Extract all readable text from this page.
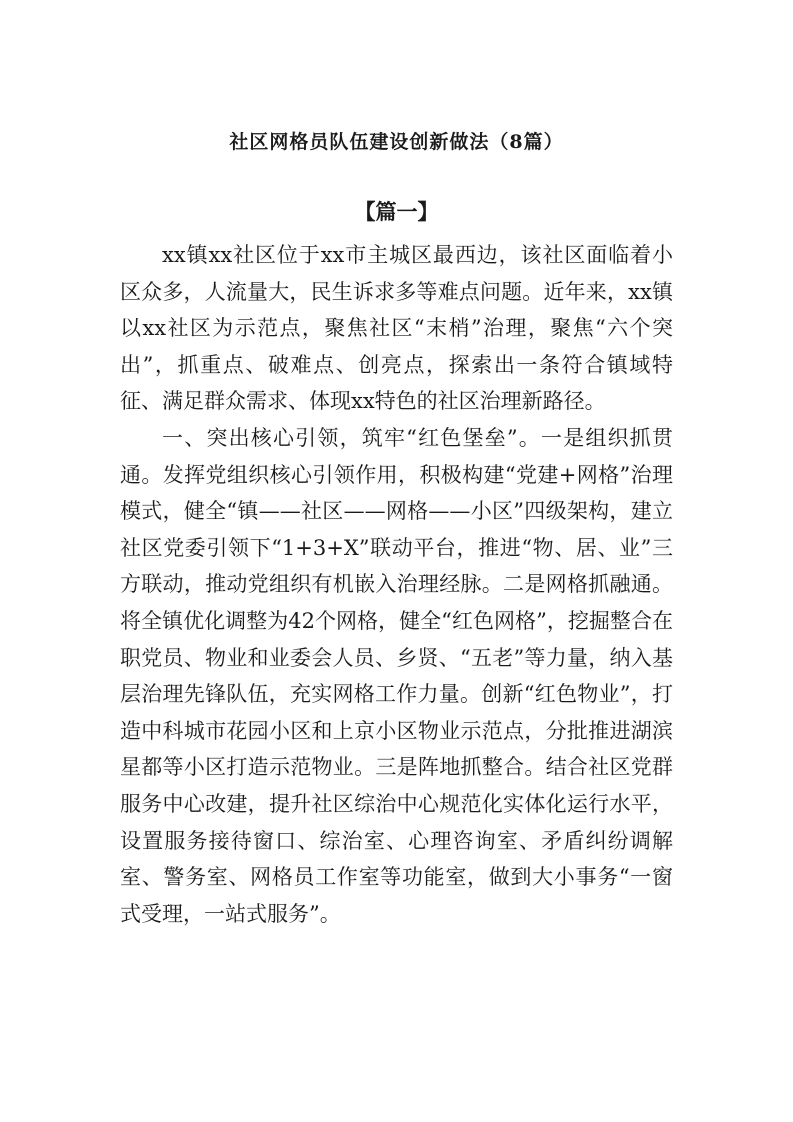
社区网格员队伍建设创新做法（8篇）
【篇一】

xx镇xx社区位于xx市主城区最西边，该社区面临着小区众多，人流量大，民生诉求多等难点问题。近年来，xx镇以xx社区为示范点，聚焦社区“末梢”治理，聚焦“六个突出”，抓重点、破难点、创亮点，探索出一条符合镇域特征、满足群众需求、体现xx特色的社区治理新路径。

一、突出核心引领，筑牢“红色堡垒”。一是组织抓贯通。发挥党组织核心引领作用，积极构建“党建+网格”治理模式，健全“镇——社区——网格——小区”四级架构，建立社区党委引领下“1+3+X”联动平台，推进“物、居、业”三方联动，推动党组织有机嵌入治理经脉。二是网格抓融通。将全镇优化调整为42个网格，健全“红色网格”，挖掘整合在职党员、物业和业委会人员、乡贤、“五老”等力量，纳入基层治理先锋队伍，充实网格工作力量。创新“红色物业”，打造中科城市花园小区和上京小区物业示范点，分批推进湖滨星都等小区打造示范物业。三是阵地抓整合。结合社区党群服务中心改建，提升社区综治中心规范化实体化运行水平，设置服务接待窗口、综治室、心理咨询室、矛盾纠纷调解室、警务室、网格员工作室等功能室，做到大小事务“一窗式受理，一站式服务”。
